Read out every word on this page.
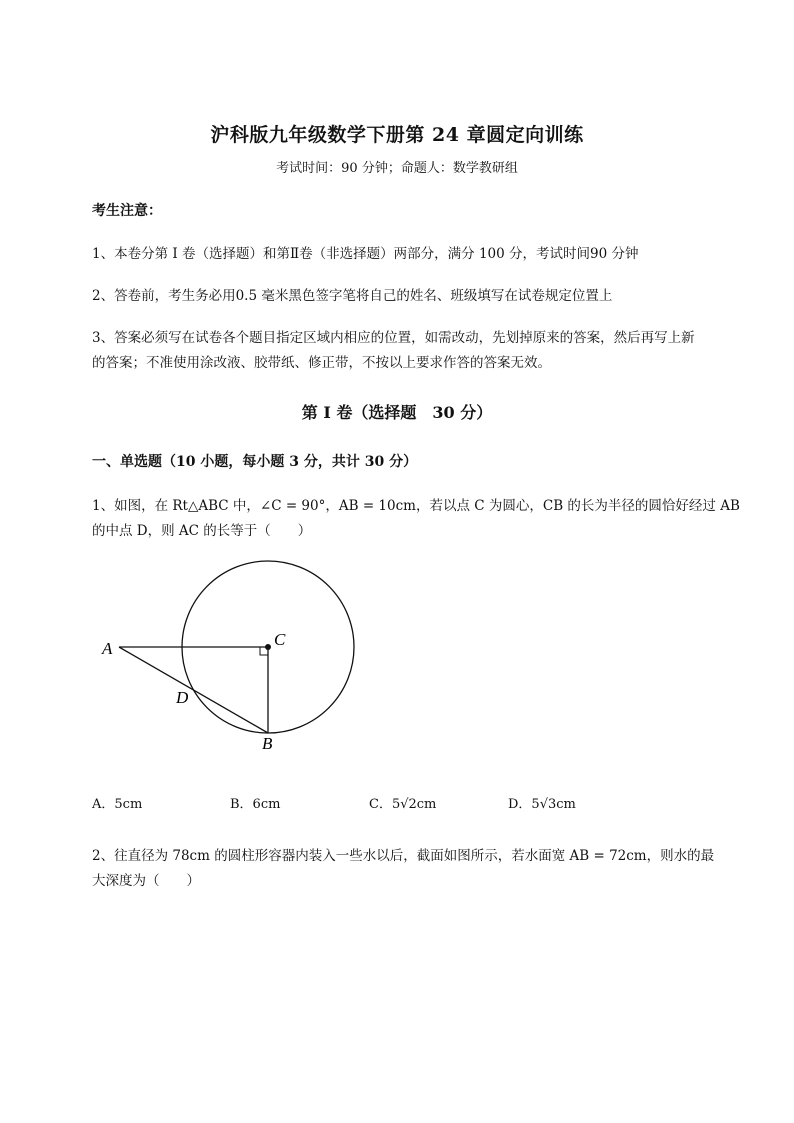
沪科版九年级数学下册第 24 章圆定向训练
考试时间：90 分钟；命题人：数学教研组
考生注意：
1、本卷分第 I 卷（选择题）和第Ⅱ卷（非选择题）两部分，满分 100 分，考试时间90 分钟
2、答卷前，考生务必用0.5 毫米黑色签字笔将自己的姓名、班级填写在试卷规定位置上
3、答案必须写在试卷各个题目指定区域内相应的位置，如需改动，先划掉原来的答案，然后再写上新
的答案；不准使用涂改液、胶带纸、修正带，不按以上要求作答的答案无效。
第 I 卷（选择题　30 分）
一、单选题（10 小题，每小题 3 分，共计 30 分）
1、如图，在 Rt△ABC 中，∠C = 90°，AB = 10cm，若以点 C 为圆心，CB 的长为半径的圆恰好经过 AB
的中点 D，则 AC 的长等于（　　）
A	C
D
B
A．5cm	B．6cm	C．5√2cm	D．5√3cm
2、往直径为 78cm 的圆柱形容器内装入一些水以后，截面如图所示，若水面宽 AB = 72cm，则水的最
大深度为（　　）
